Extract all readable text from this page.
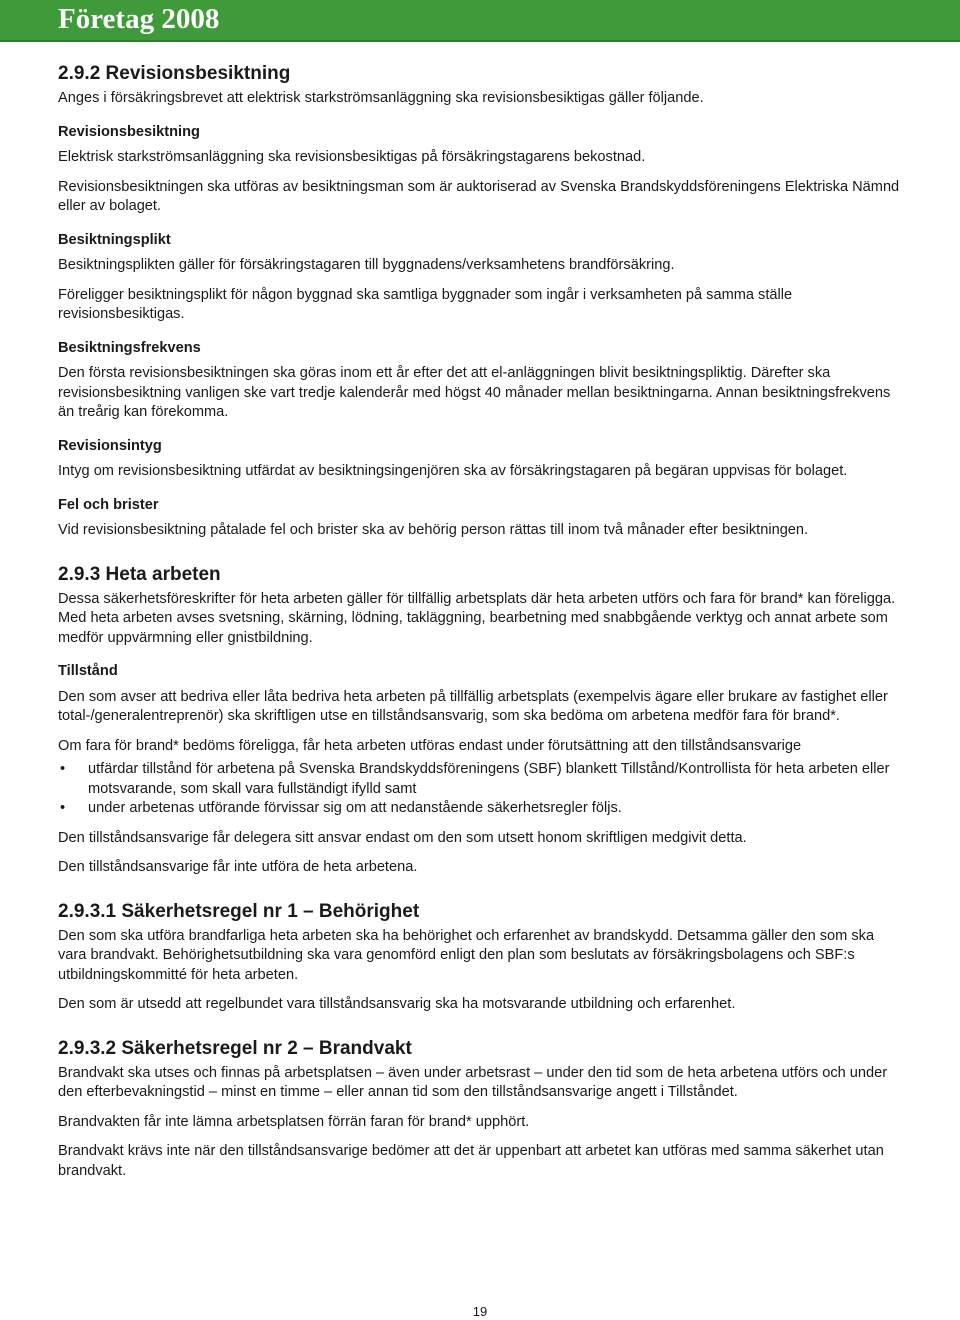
Företag 2008
2.9.2 Revisionsbesiktning

Anges i försäkringsbrevet att elektrisk starkströmsanläggning ska revisionsbesiktigas gäller följande.

Revisionsbesiktning

Elektrisk starkströmsanläggning ska revisionsbesiktigas på försäkringstagarens bekostnad.

Revisionsbesiktningen ska utföras av besiktningsman som är auktoriserad av Svenska Brandskyddsföreningens Elektriska Nämnd eller av bolaget.

Besiktningsplikt

Besiktningsplikten gäller för försäkringstagaren till byggnadens/verksamhetens brandförsäkring.

Föreligger besiktningsplikt för någon byggnad ska samtliga byggnader som ingår i verksamheten på samma ställe revisionsbesiktigas.

Besiktningsfrekvens

Den första revisionsbesiktningen ska göras inom ett år efter det att el-anläggningen blivit besiktningspliktig. Därefter ska revisionsbesiktning vanligen ske vart tredje kalenderår med högst 40 månader mellan besiktningarna. Annan besiktningsfrekvens än treårig kan förekomma.

Revisionsintyg

Intyg om revisionsbesiktning utfärdat av besiktningsingenjören ska av försäkringstagaren på begäran uppvisas för bolaget.

Fel och brister

Vid revisionsbesiktning påtalade fel och brister ska av behörig person rättas till inom två månader efter besiktningen.

2.9.3 Heta arbeten

Dessa säkerhetsföreskrifter för heta arbeten gäller för tillfällig arbetsplats där heta arbeten utförs och fara för brand* kan föreligga. Med heta arbeten avses svetsning, skärning, lödning, takläggning, bearbetning med snabbgående verktyg och annat arbete som medför uppvärmning eller gnistbildning.

Tillstånd

Den som avser att bedriva eller låta bedriva heta arbeten på tillfällig arbetsplats (exempelvis ägare eller brukare av fastighet eller total-/generalentreprenör) ska skriftligen utse en tillståndsansvarig, som ska bedöma om arbetena medför fara för brand*.

Om fara för brand* bedöms föreligga, får heta arbeten utföras endast under förutsättning att den tillståndsansvarige

• utfärdar tillstånd för arbetena på Svenska Brandskyddsföreningens (SBF) blankett Tillstånd/Kontrollista för heta arbeten eller motsvarande, som skall vara fullständigt ifylld samt
• under arbetenas utförande förvissar sig om att nedanstående säkerhetsregler följs.

Den tillståndsansvarige får delegera sitt ansvar endast om den som utsett honom skriftligen medgivit detta.

Den tillståndsansvarige får inte utföra de heta arbetena.

2.9.3.1 Säkerhetsregel nr 1 – Behörighet

Den som ska utföra brandfarliga heta arbeten ska ha behörighet och erfarenhet av brandskydd. Detsamma gäller den som ska vara brandvakt. Behörighetsutbildning ska vara genomförd enligt den plan som beslutats av försäkringsbolagens och SBF:s utbildningskommitté för heta arbeten.

Den som är utsedd att regelbundet vara tillståndsansvarig ska ha motsvarande utbildning och erfarenhet.

2.9.3.2 Säkerhetsregel nr 2 – Brandvakt

Brandvakt ska utses och finnas på arbetsplatsen – även under arbetsrast – under den tid som de heta arbetena utförs och under den efterbevakningstid – minst en timme – eller annan tid som den tillståndsansvarige angett i Tillståndet.

Brandvakten får inte lämna arbetsplatsen förrän faran för brand* upphört.

Brandvakt krävs inte när den tillståndsansvarige bedömer att det är uppenbart att arbetet kan utföras med samma säkerhet utan brandvakt.

19
